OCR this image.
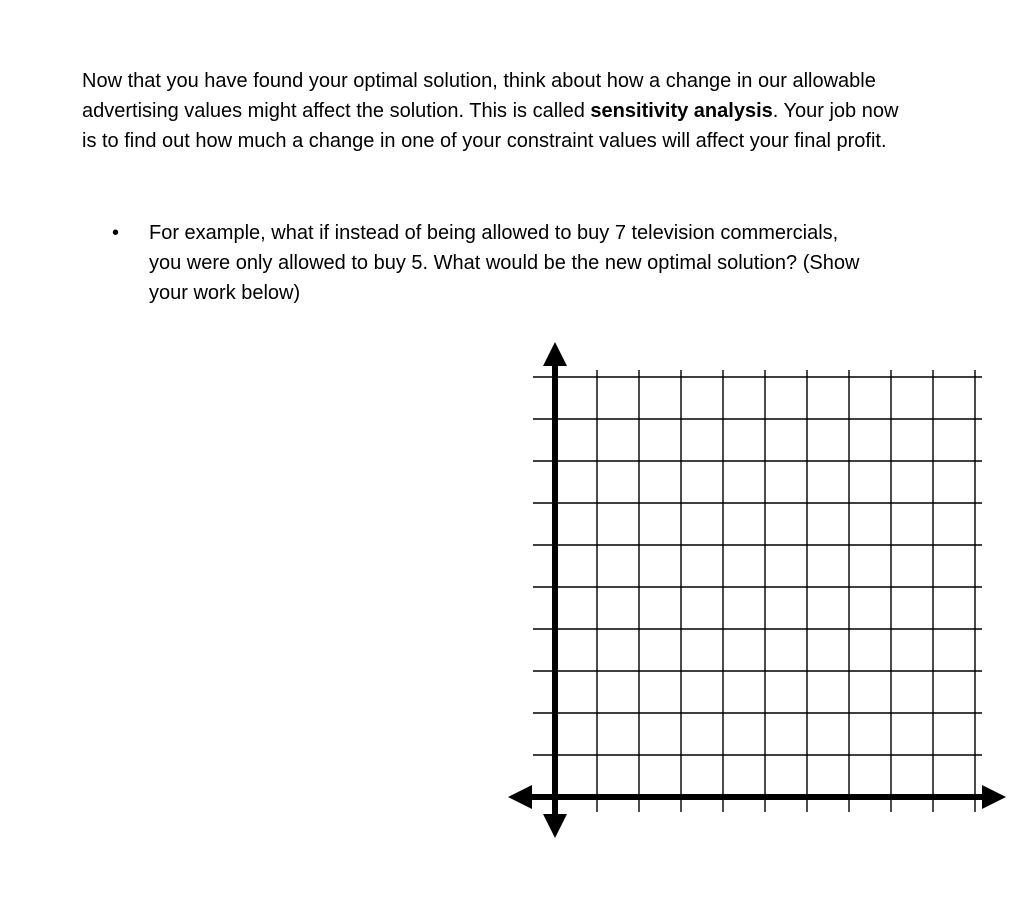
Now that you have found your optimal solution, think about how a change in our allowable advertising values might affect the solution. This is called sensitivity analysis. Your job now is to find out how much a change in one of your constraint values will affect your final profit.

• For example, what if instead of being allowed to buy 7 television commercials, you were only allowed to buy 5. What would be the new optimal solution? (Show your work below)
